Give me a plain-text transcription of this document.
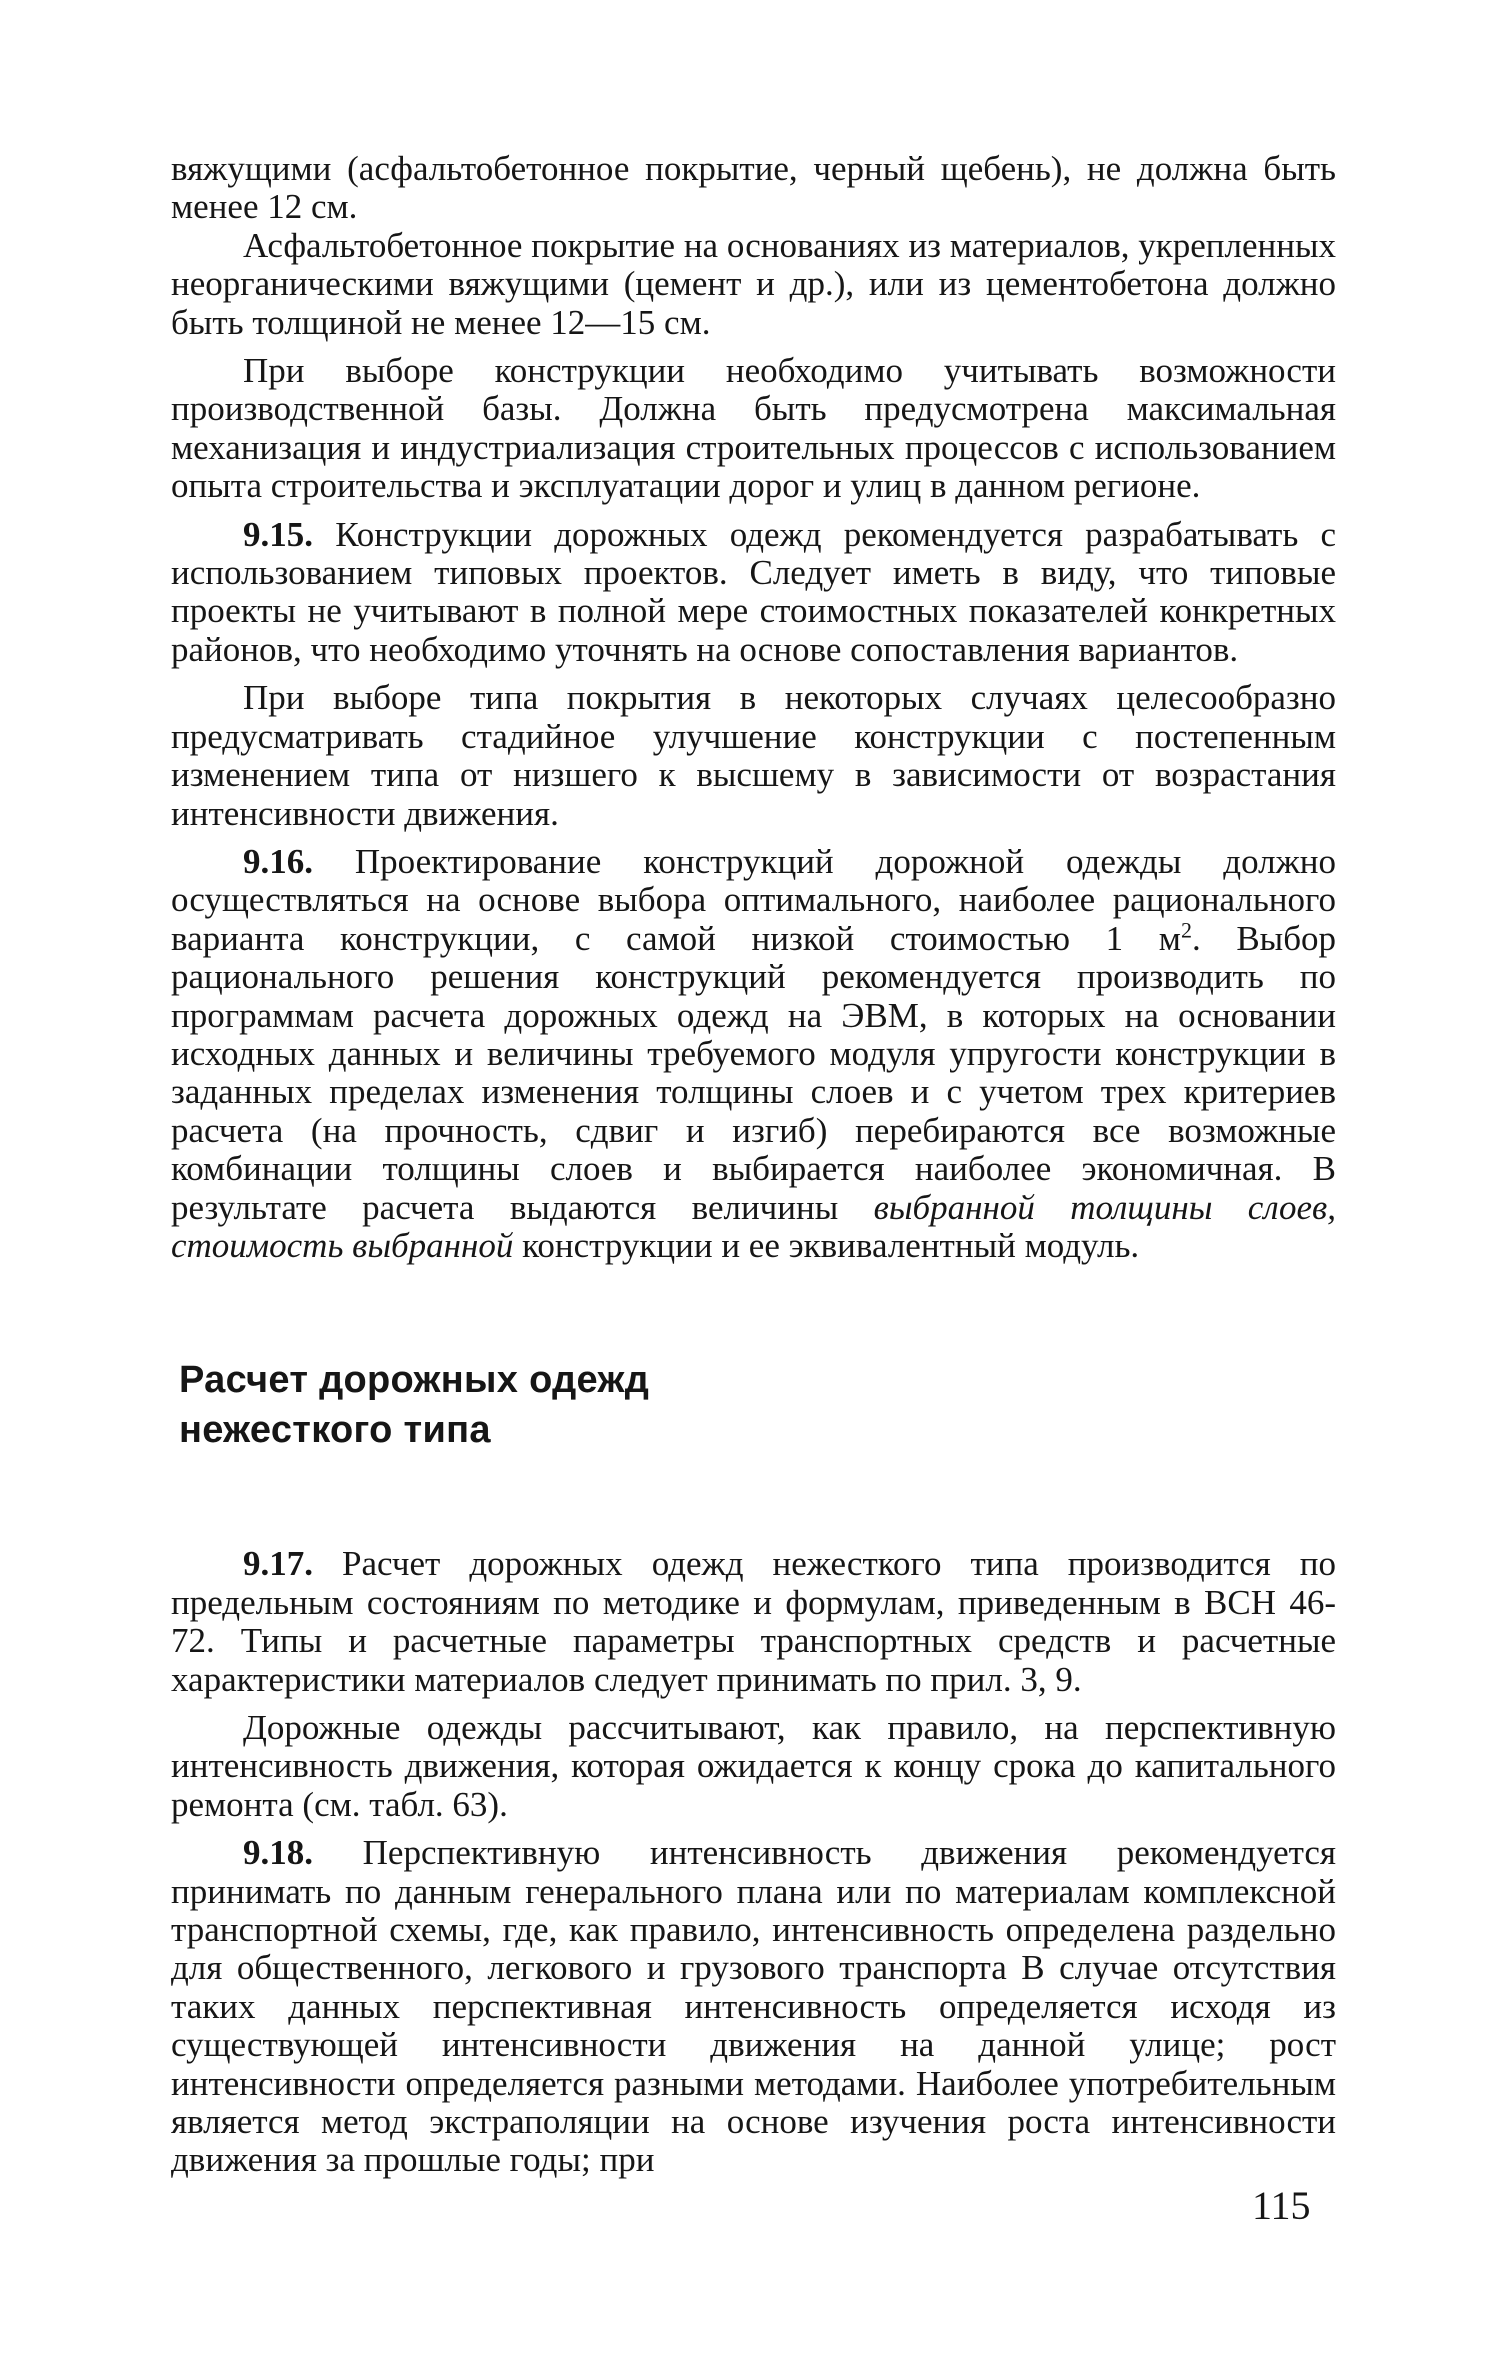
вяжущими (асфальтобетонное покрытие, черный щебень), не должна быть менее 12 см.

Асфальтобетонное покрытие на основаниях из материалов, укрепленных неорганическими вяжущими (цемент и др.), или из цементобетона должно быть толщиной не менее 12—15 см.

При выборе конструкции необходимо учитывать возможности производственной базы. Должна быть предусмотрена максимальная механизация и индустриализация строительных процессов с использованием опыта строительства и эксплуатации дорог и улиц в данном регионе.

9.15. Конструкции дорожных одежд рекомендуется разрабатывать с использованием типовых проектов. Следует иметь в виду, что типовые проекты не учитывают в полной мере стоимостных показателей конкретных районов, что необходимо уточнять на основе сопоставления вариантов.

При выборе типа покрытия в некоторых случаях целесообразно предусматривать стадийное улучшение конструкции с постепенным изменением типа от низшего к высшему в зависимости от возрастания интенсивности движения.

9.16. Проектирование конструкций дорожной одежды должно осуществляться на основе выбора оптимального, наиболее рационального варианта конструкции, с самой низкой стоимостью 1 $м^2$. Выбор рационального решения конструкций рекомендуется производить по программам расчета дорожных одежд на ЭВМ, в которых на основании исходных данных и величины требуемого модуля упругости конструкции в заданных пределах изменения толщины слоев и с учетом трех критериев расчета (на прочность, сдвиг и изгиб) перебираются все возможные комбинации толщины слоев и выбирается наиболее экономичная. В результате расчета выдаются величины выбранной толщины слоев, стоимость выбранной конструкции и ее эквивалентный модуль.

Расчет дорожных одежд
нежесткого типа

9.17. Расчет дорожных одежд нежесткого типа производится по предельным состояниям по методике и формулам, приведенным в ВСН 46-72. Типы и расчетные параметры транспортных средств и расчетные характеристики материалов следует принимать по прил. 3, 9.

Дорожные одежды рассчитывают, как правило, на перспективную интенсивность движения, которая ожидается к концу срока до капитального ремонта (см. табл. 63).

9.18. Перспективную интенсивность движения рекомендуется принимать по данным генерального плана или по материалам комплексной транспортной схемы, где, как правило, интенсивность определена раздельно для общественного, легкового и грузового транспорта В случае отсутствия таких данных перспективная интенсивность определяется исходя из существующей интенсивности движения на данной улице; рост интенсивности определяется разными методами. Наиболее употребительным является метод экстраполяции на основе изучения роста интенсивности движения за прошлые годы; при

115
